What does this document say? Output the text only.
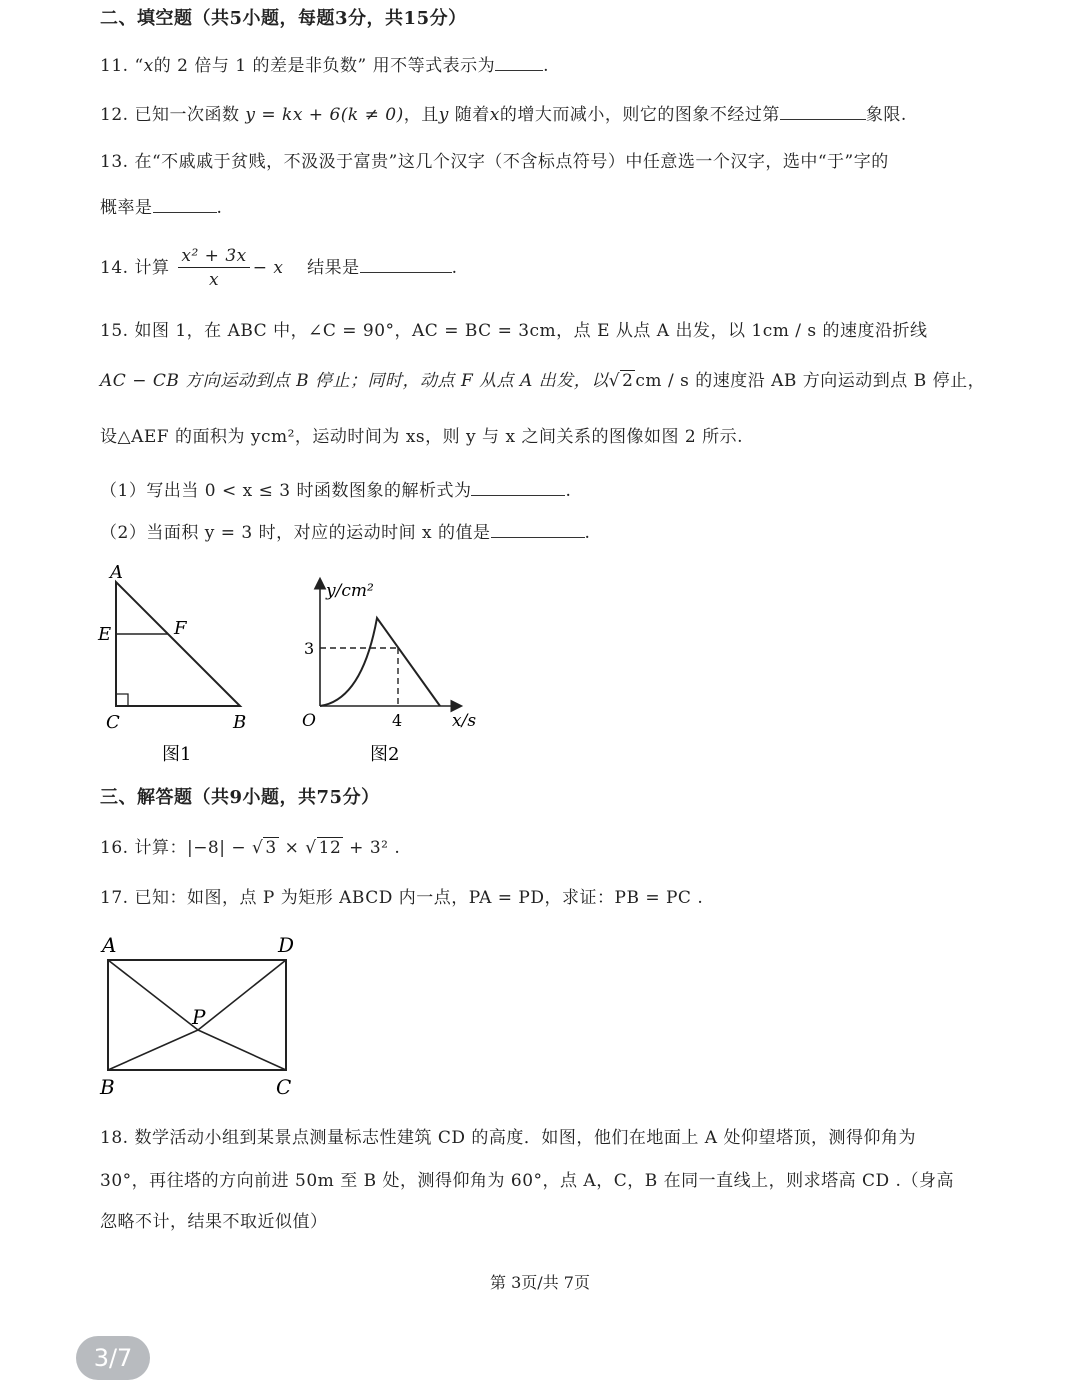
二、填空题（共5小题，每题3分，共15分）
11. “x的 2 倍与 1 的差是非负数” 用不等式表示为	.
12. 已知一次函数 y = kx + 6(k ≠ 0)，且y 随着x的增大而减小，则它的图象不经过第	象限.
13. 在“不戚戚于贫贱，不汲汲于富贵”这几个汉字（不含标点符号）中任意选一个汉字，选中“于”字的
概率是	.
14. 计算 $\frac{\text{x² + 3x}}{x} - x$ 结果是	.
15. 如图 1，在 ABC 中，∠C = 90°，AC = BC = 3cm，点 E 从点 A 出发，以 1cm / s 的速度沿折线
AC − CB 方向运动到点 B 停止；同时，动点 F 从点 A 出发，以√ 2 cm / s 的速度沿 AB 方向运动到点 B 停止，
设△AEF 的面积为 ycm²，运动时间为 xs，则 y 与 x 之间关系的图像如图 2 所示.
（1）写出当 0 < x ≤ 3 时函数图象的解析式为	.
（2）当面积 y = 3 时，对应的运动时间 x 的值是	.
A
E	F
C	B
图1
y/cm²
3
O	4	x/s
图2
三、解答题（共9小题，共75分）
16. 计算：|−8| − √ 3 × √ 12 + 3² .
17. 已知：如图，点 P 为矩形 ABCD 内一点，PA = PD，求证：PB = PC .
A	D
P
B	C
18. 数学活动小组到某景点测量标志性建筑 CD 的高度．如图，他们在地面上 A 处仰望塔顶，测得仰角为
30°，再往塔的方向前进 50m 至 B 处，测得仰角为 60°，点 A，C，B 在同一直线上，则求塔高 CD .（身高
忽略不计，结果不取近似值）
第 3页/共 7页
3/7
